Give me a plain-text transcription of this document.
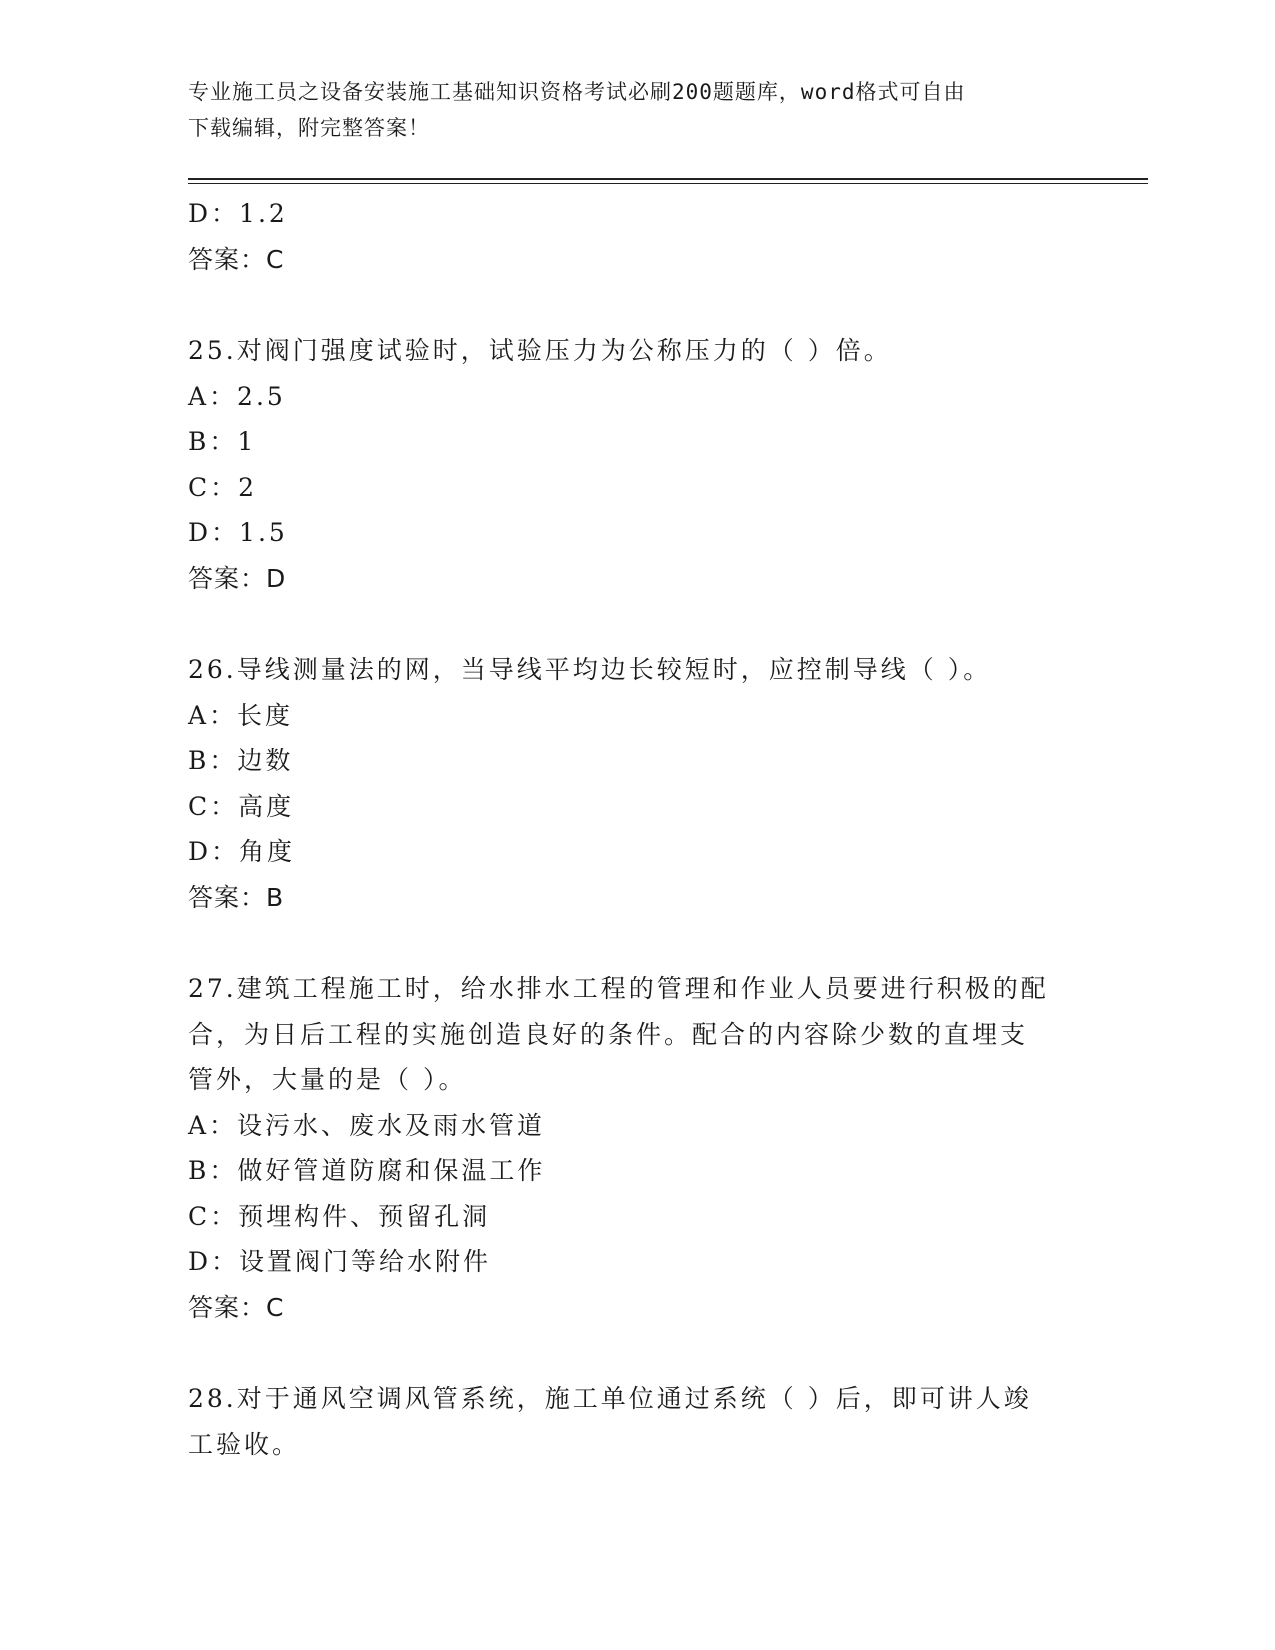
专业施工员之设备安装施工基础知识资格考试必刷200题题库，word格式可自由
下载编辑，附完整答案！
D：1.2
答案：C
25.对阀门强度试验时，试验压力为公称压力的（ ）倍。
A：2.5
B：1
C：2
D：1.5
答案：D
26.导线测量法的网，当导线平均边长较短时，应控制导线（ ）。
A：长度
B：边数
C：高度
D：角度
答案：B
27.建筑工程施工时，给水排水工程的管理和作业人员要进行积极的配
合，为日后工程的实施创造良好的条件。配合的内容除少数的直埋支
管外，大量的是（ ）。
A：设污水、废水及雨水管道
B：做好管道防腐和保温工作
C：预埋构件、预留孔洞
D：设置阀门等给水附件
答案：C
28.对于通风空调风管系统，施工单位通过系统（ ）后，即可讲人竣
工验收。
